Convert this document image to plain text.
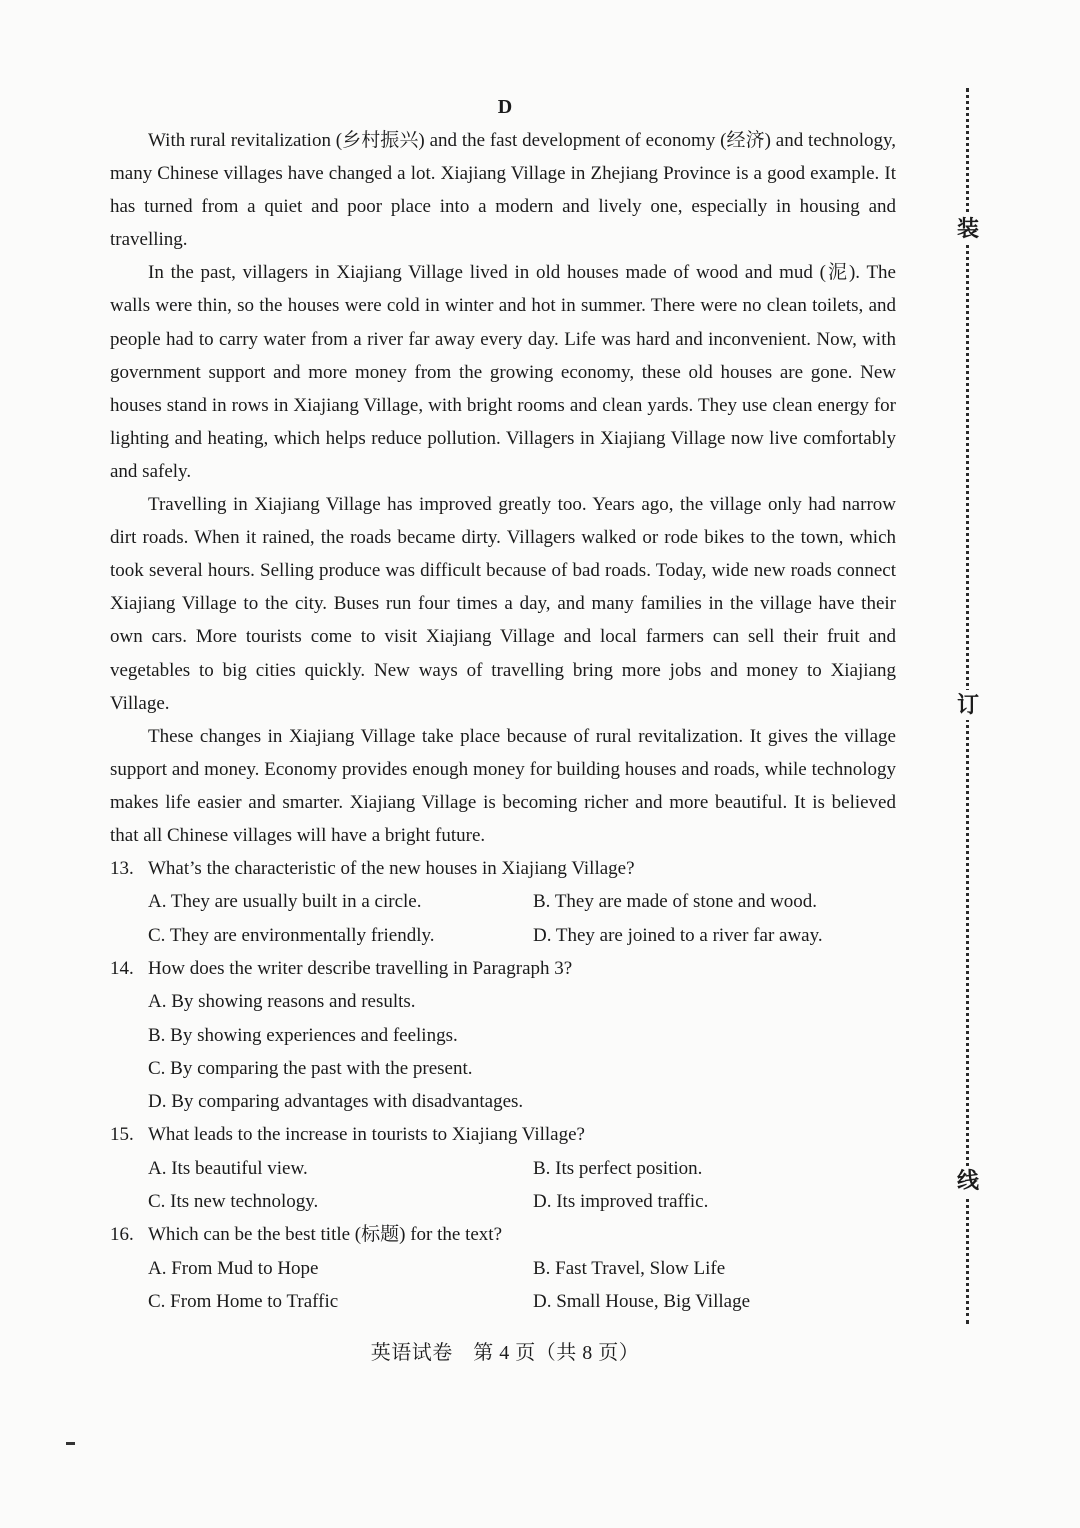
D

With rural revitalization (乡村振兴) and the fast development of economy (经济) and technology, many Chinese villages have changed a lot. Xiajiang Village in Zhejiang Province is a good example. It has turned from a quiet and poor place into a modern and lively one, especially in housing and travelling.

In the past, villagers in Xiajiang Village lived in old houses made of wood and mud (泥). The walls were thin, so the houses were cold in winter and hot in summer. There were no clean toilets, and people had to carry water from a river far away every day. Life was hard and inconvenient. Now, with government support and more money from the growing economy, these old houses are gone. New houses stand in rows in Xiajiang Village, with bright rooms and clean yards. They use clean energy for lighting and heating, which helps reduce pollution. Villagers in Xiajiang Village now live comfortably and safely.

Travelling in Xiajiang Village has improved greatly too. Years ago, the village only had narrow dirt roads. When it rained, the roads became dirty. Villagers walked or rode bikes to the town, which took several hours. Selling produce was difficult because of bad roads. Today, wide new roads connect Xiajiang Village to the city. Buses run four times a day, and many families in the village have their own cars. More tourists come to visit Xiajiang Village and local farmers can sell their fruit and vegetables to big cities quickly. New ways of travelling bring more jobs and money to Xiajiang Village.

These changes in Xiajiang Village take place because of rural revitalization. It gives the village support and money. Economy provides enough money for building houses and roads, while technology makes life easier and smarter. Xiajiang Village is becoming richer and more beautiful. It is believed that all Chinese villages will have a bright future.

13. What’s the characteristic of the new houses in Xiajiang Village?
A. They are usually built in a circle.	B. They are made of stone and wood.
C. They are environmentally friendly.	D. They are joined to a river far away.
14. How does the writer describe travelling in Paragraph 3?
A. By showing reasons and results.
B. By showing experiences and feelings.
C. By comparing the past with the present.
D. By comparing advantages with disadvantages.
15. What leads to the increase in tourists to Xiajiang Village?
A. Its beautiful view.	B. Its perfect position.
C. Its new technology.	D. Its improved traffic.
16. Which can be the best title (标题) for the text?
A. From Mud to Hope	B. Fast Travel, Slow Life
C. From Home to Traffic	D. Small House, Big Village
英语试卷　第 4 页（共 8 页）
装
订
线
